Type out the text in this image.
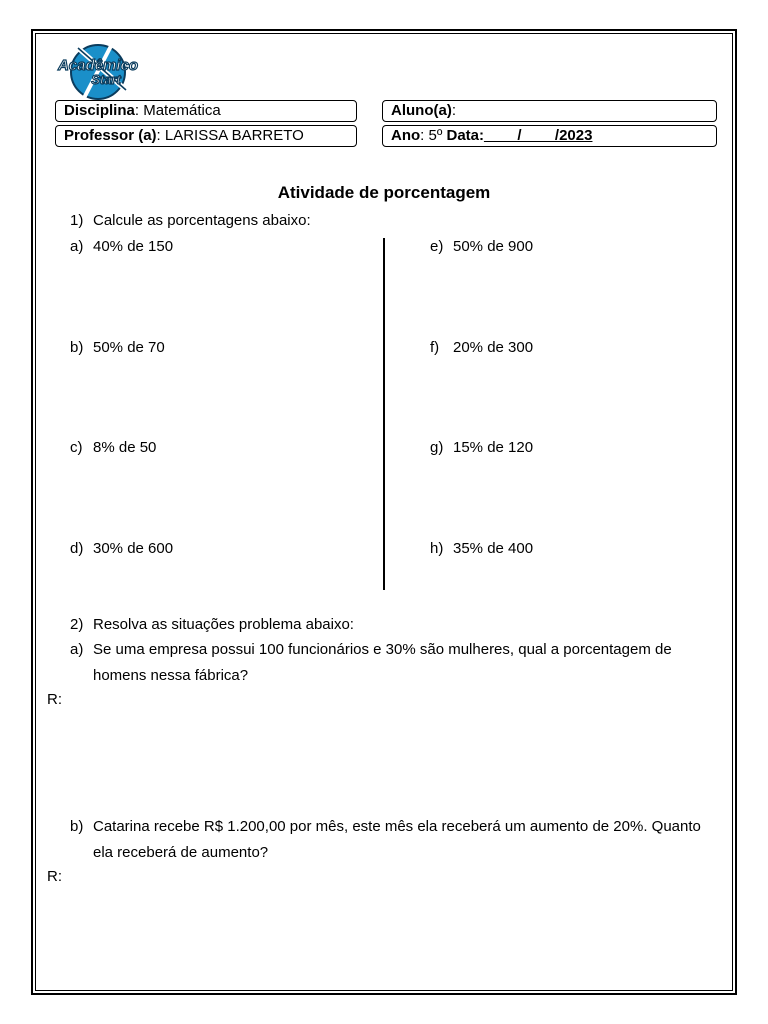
Acadêmico
Start
Disciplina: Matemática	Aluno(a):
Professor (a): LARISSA BARRETO	Ano: 5º Data:____/____/2023
Atividade de porcentagem
1) Calcule as porcentagens abaixo:
a) 40% de 150
b) 50% de 70
c) 8% de 50
d) 30% de 600
e) 50% de 900
f) 20% de 300
g) 15% de 120
h) 35% de 400
2) Resolva as situações problema abaixo:
a) Se uma empresa possui 100 funcionários e 30% são mulheres, qual a porcentagem de
homens nessa fábrica?
R:
b) Catarina recebe R$ 1.200,00 por mês, este mês ela receberá um aumento de 20%. Quanto
ela receberá de aumento?
R:
